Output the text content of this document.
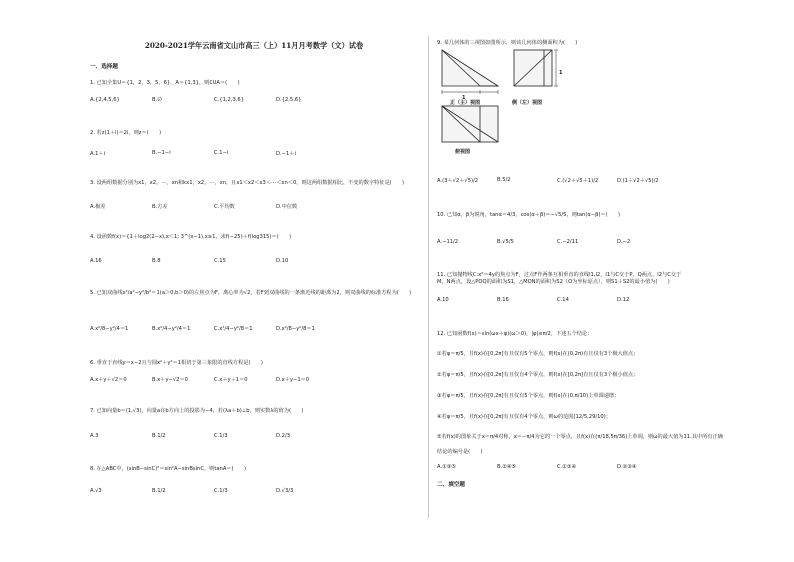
2020-2021学年云南省文山市高三（上）11月月考数学（文）试卷
一、选择题
1. 已知全集U＝{1，2，3，5，6}，A＝{1,3}，则∁UA＝(　　)
A.{2,4,5,6}	B.∅	C.{1,2,3,6}	D.{2,5,6}
2. 若z(1＋i)＝2i，则z＝(　　)
A.1＋i	B.−1−i	C.1−i	D.−1＋i
3. 设两组数据分别为x1，x2，⋯，xn和kx1，x2，⋯，xn，且x1＜x2＜x3＜⋯＜xn＜0，则这两组数据相比，不变的数字特征是(　　)
A.极差	B.方差	C.平均数	D.中位数
4. 设函数f(x)＝{1＋log2(2−x),x＜1; 3^(x−1),x≥1，求f(−25)＋f(log315)＝(　　)
A.16	B.8	C.15	D.10
5. 已知双曲线x²/a²−y²/b²＝1(a＞0,b＞0)的左焦点为F，离心率为√2，若F到双曲线的一条渐近线的距离为2，则双曲线的标准方程为(　　)
A.x²/8−y²/4＝1	B.x²/4−y²/4＝1	C.x²/4−y²/8＝1	D.x²/8−y²/8＝1
6. 垂直于直线y＝x−2且与圆x²＋y²＝1相切于第三象限的直线方程是(　　)
A.x＋y＋√2＝0	B.x＋y−√2＝0	C.x＋y＋1＝0	D.x＋y−1＝0
7. 已知向量b＝(1,√3)，向量a在b方向上的投影为−4，若(λa＋b)⊥b，则实数λ的值为(　　)
A.3	B.1/2	C.1/3	D.2/3
8. 在△ABC中，(sinB−sinC)²＝sin²A−sinBsinC，则tanA＝(　　)
A.√3	B.1/2	C.1/3	D.√3/3
9. 某几何体的三视图如图所示，则该几何体的侧面积为(　　)
1
1
正（主）视图	侧（左）视图
俯视图
A.(3＋√2＋√5)/2	B.5/2	C.(√2＋√5＋1)/2	D.(1＋√2＋√5)/2
10. 已知α，β为锐角，tanα＝4/3，cos(α＋β)＝−√5/5，则tan(α−β)＝(　　)
A.−11/2	B.√5/5	C.−2/11	D.−2
11. 已知抛物线C:x²＝4y的焦点为F，过点F作两条互相垂直的直线l1,l2，l1与C交于P，Q两点，l2与C交于M，N两点，设△POQ的面积为S1，△MON的面积为S2（O为坐标原点），则S1＋S2的最小值为(　　)
A.10	B.16	C.14	D.12
12. 已知函数f(x)＝sin(ωx＋φ)(ω＞0)，|φ|≤π/2，下述五个结论：
①若φ＝π/5，且f(x)在[0,2π]有且仅有5个零点，则f(x)在(0,2π)有且仅有3个极大值点；
②若φ＝π/5，且f(x)在[0,2π]有且仅有4个零点，则f(x)在[0,2π]有且仅有3个极小值点；
③若φ＝π/5，且f(x)在[0,2π]有且仅有5个零点，则f(x)在(0,π/10)上单调递增；
④若φ＝π/5，且f(x)在[0,2π]有且仅有4个零点，则ω的范围[12/5,29/10)；
⑤若f(x)的图象关于x＝π/4对称，x＝−π/4为它的一个零点，且f(x)在(π/18,5π/36)上单调，则ω的最大值为11.其中所有正确
结论的编号是(　　)
A.①③⑤	B.②④⑤	C.①③④	D.②③④
二、填空题
